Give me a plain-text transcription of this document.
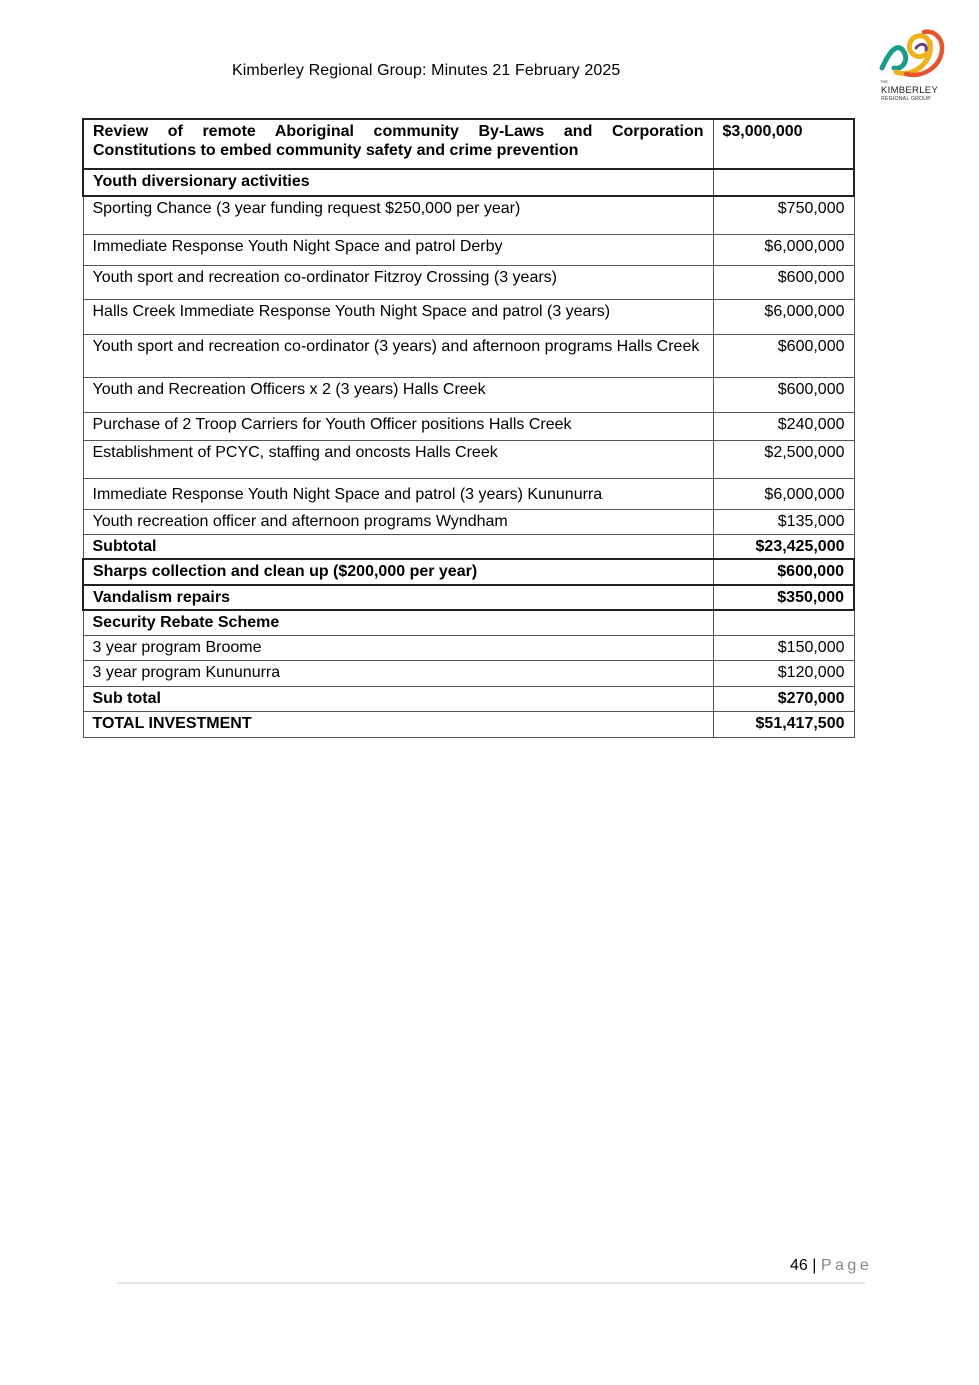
Kimberley Regional Group: Minutes 21 February 2025
THE
KIMBERLEY
REGIONAL GROUP
Review of remote Aboriginal community By-Laws and Corporation Constitutions to embed community safety and crime prevention	$3,000,000
Youth diversionary activities	
Sporting Chance (3 year funding request $250,000 per year)	$750,000
Immediate Response Youth Night Space and patrol Derby	$6,000,000
Youth sport and recreation co-ordinator Fitzroy Crossing (3 years)	$600,000
Halls Creek Immediate Response Youth Night Space and patrol (3 years)	$6,000,000
Youth sport and recreation co-ordinator (3 years) and afternoon programs Halls Creek	$600,000
Youth and Recreation Officers x 2 (3 years) Halls Creek	$600,000
Purchase of 2 Troop Carriers for Youth Officer positions Halls Creek	$240,000
Establishment of PCYC, staffing and oncosts Halls Creek	$2,500,000
Immediate Response Youth Night Space and patrol (3 years) Kununurra	$6,000,000
Youth recreation officer and afternoon programs Wyndham	$135,000
Subtotal	$23,425,000
Sharps collection and clean up ($200,000 per year)	$600,000
Vandalism repairs	$350,000
Security Rebate Scheme	
3 year program Broome	$150,000
3 year program Kununurra	$120,000
Sub total	$270,000
TOTAL INVESTMENT	$51,417,500
46 | Page
